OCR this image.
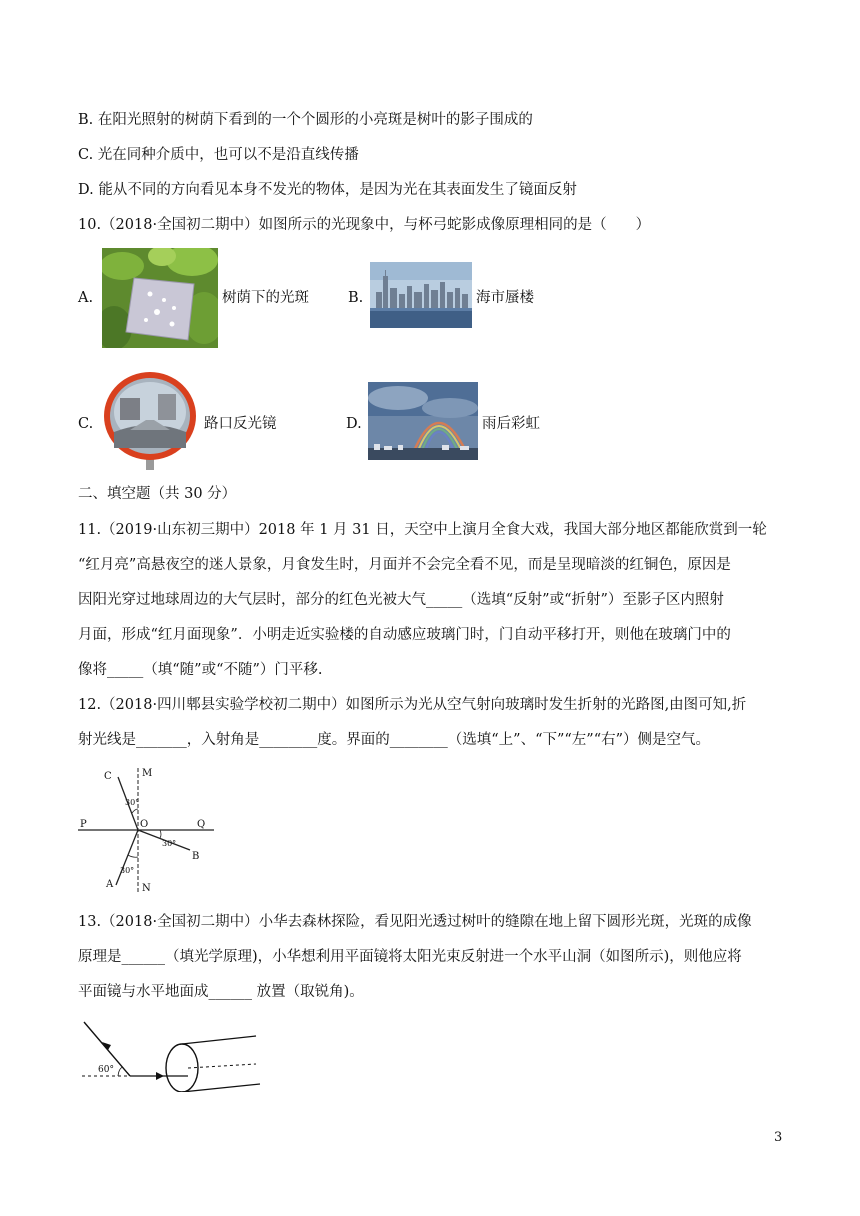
B. 在阳光照射的树荫下看到的一个个圆形的小亮斑是树叶的影子围成的
C. 光在同种介质中，也可以不是沿直线传播
D. 能从不同的方向看见本身不发光的物体，是因为光在其表面发生了镜面反射
10.（2018·全国初二期中）如图所示的光现象中，与杯弓蛇影成像原理相同的是（　　）
A.	树荫下的光斑	B.	海市蜃楼
C.	路口反光镜	D.	雨后彩虹
二、填空题（共 30 分）
11.（2019·山东初三期中）2018 年 1 月 31 日，天空中上演月全食大戏，我国大部分地区都能欣赏到一轮
“红月亮”高悬夜空的迷人景象，月食发生时，月面并不会完全看不见，而是呈现暗淡的红铜色，原因是
因阳光穿过地球周边的大气层时，部分的红色光被大气_____（选填“反射”或“折射”）至影子区内照射
月面，形成“红月面现象”．小明走近实验楼的自动感应玻璃门时，门自动平移打开，则他在玻璃门中的
像将_____（填“随”或“不随”）门平移.
12.（2018·四川郫县实验学校初二期中）如图所示为光从空气射向玻璃时发生折射的光路图,由图可知,折
射光线是_______，入射角是________度。界面的________（选填“上”、“下”“左”“右”）侧是空气。
C	M
P	O	Q
B
A	N
30°
30°
30°
13.（2018·全国初二期中）小华去森林探险，看见阳光透过树叶的缝隙在地上留下圆形光斑，光斑的成像
原理是______（填光学原理)，小华想利用平面镜将太阳光束反射进一个水平山洞（如图所示)，则他应将
平面镜与水平地面成______ 放置（取锐角)。
60°
3
